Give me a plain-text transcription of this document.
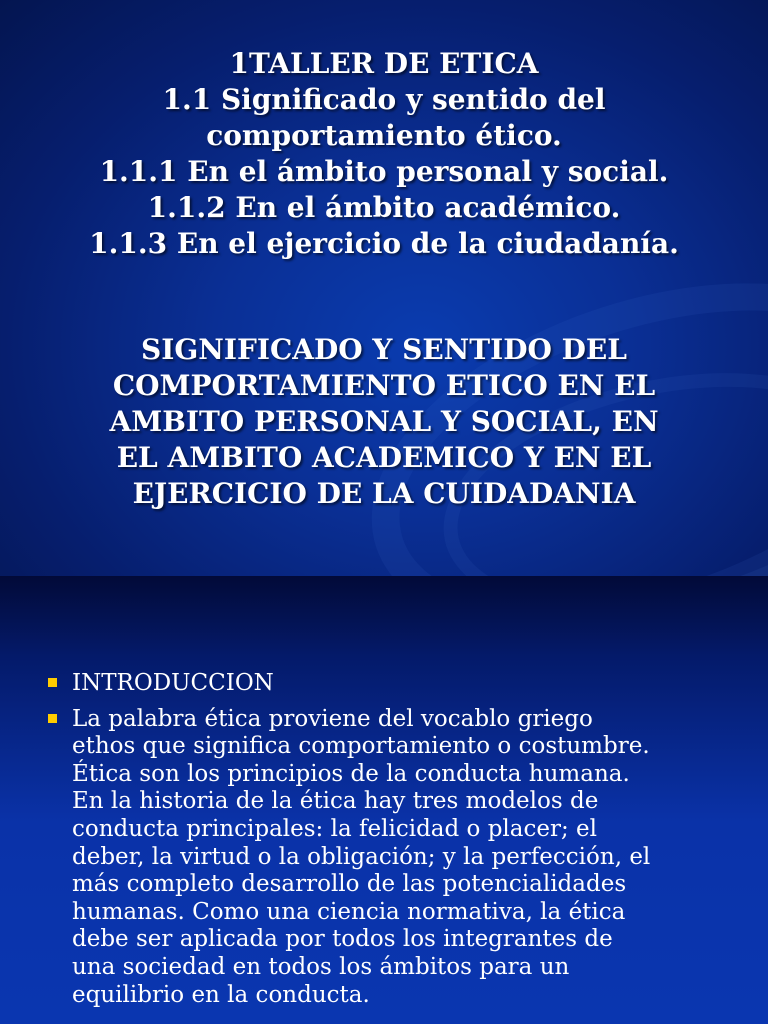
1TALLER DE ETICA
1.1 Significado y sentido del
comportamiento ético.
1.1.1 En el ámbito personal y social.
1.1.2 En el ámbito académico.
1.1.3 En el ejercicio de la ciudadanía.
SIGNIFICADO Y SENTIDO DEL
COMPORTAMIENTO ETICO EN EL
AMBITO PERSONAL Y SOCIAL, EN
EL AMBITO ACADEMICO Y EN EL
EJERCICIO DE LA CUIDADANIA
INTRODUCCION
La palabra ética proviene del vocablo griego
ethos que significa comportamiento o costumbre.
Ética son los principios de la conducta humana.
En la historia de la ética hay tres modelos de
conducta principales: la felicidad o placer; el
deber, la virtud o la obligación; y la perfección, el
más completo desarrollo de las potencialidades
humanas. Como una ciencia normativa, la ética
debe ser aplicada por todos los integrantes de
una sociedad en todos los ámbitos para un
equilibrio en la conducta.
